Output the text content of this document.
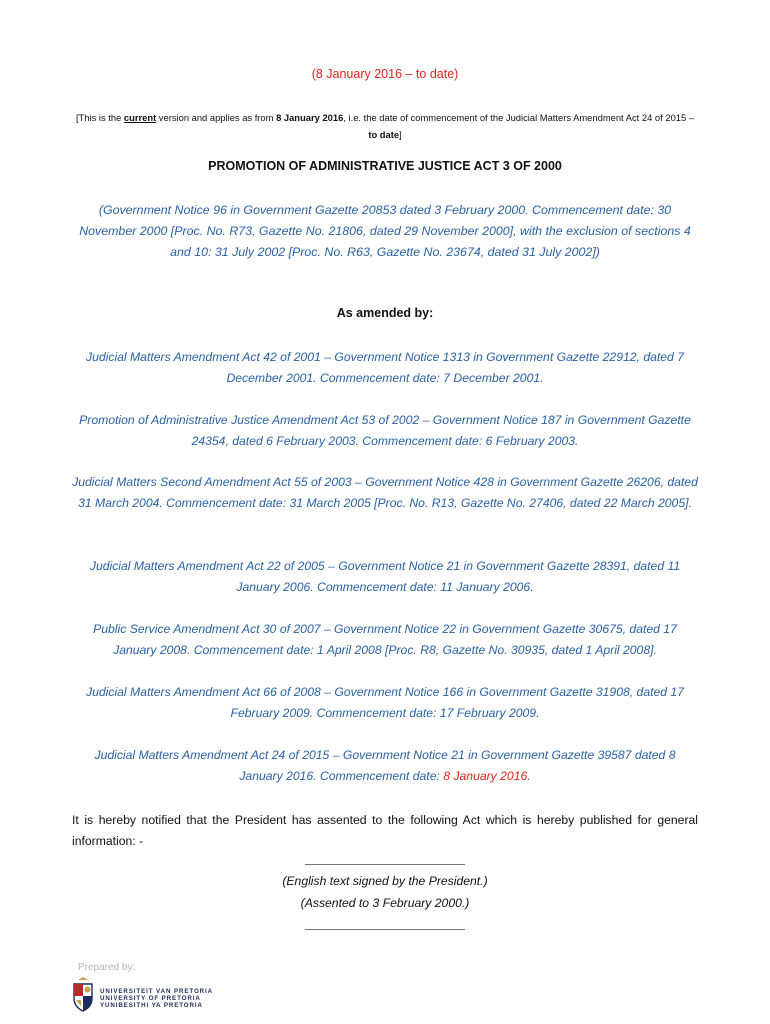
(8 January 2016 – to date)
[This is the current version and applies as from 8 January 2016, i.e. the date of commencement of the Judicial Matters Amendment Act 24 of 2015 – to date]
PROMOTION OF ADMINISTRATIVE JUSTICE ACT 3 OF 2000
(Government Notice 96 in Government Gazette 20853 dated 3 February 2000. Commencement date: 30 November 2000 [Proc. No. R73, Gazette No. 21806, dated 29 November 2000], with the exclusion of sections 4 and 10: 31 July 2002 [Proc. No. R63, Gazette No. 23674, dated 31 July 2002])
As amended by:
Judicial Matters Amendment Act 42 of 2001 – Government Notice 1313 in Government Gazette 22912, dated 7 December 2001. Commencement date: 7 December 2001.
Promotion of Administrative Justice Amendment Act 53 of 2002 – Government Notice 187 in Government Gazette 24354, dated 6 February 2003. Commencement date: 6 February 2003.
Judicial Matters Second Amendment Act 55 of 2003 – Government Notice 428 in Government Gazette 26206, dated 31 March 2004. Commencement date: 31 March 2005 [Proc. No. R13, Gazette No. 27406, dated 22 March 2005].
Judicial Matters Amendment Act 22 of 2005 – Government Notice 21 in Government Gazette 28391, dated 11 January 2006. Commencement date: 11 January 2006.
Public Service Amendment Act 30 of 2007 – Government Notice 22 in Government Gazette 30675, dated 17 January 2008. Commencement date: 1 April 2008 [Proc. R8, Gazette No. 30935, dated 1 April 2008].
Judicial Matters Amendment Act 66 of 2008 – Government Notice 166 in Government Gazette 31908, dated 17 February 2009. Commencement date: 17 February 2009.
Judicial Matters Amendment Act 24 of 2015 – Government Notice 21 in Government Gazette 39587 dated 8 January 2016. Commencement date: 8 January 2016.
It is hereby notified that the President has assented to the following Act which is hereby published for general information: -
(English text signed by the President.)
(Assented to 3 February 2000.)
Prepared by:
UNIVERSITEIT VAN PRETORIA
UNIVERSITY OF PRETORIA
YUNIBESITHI YA PRETORIA
